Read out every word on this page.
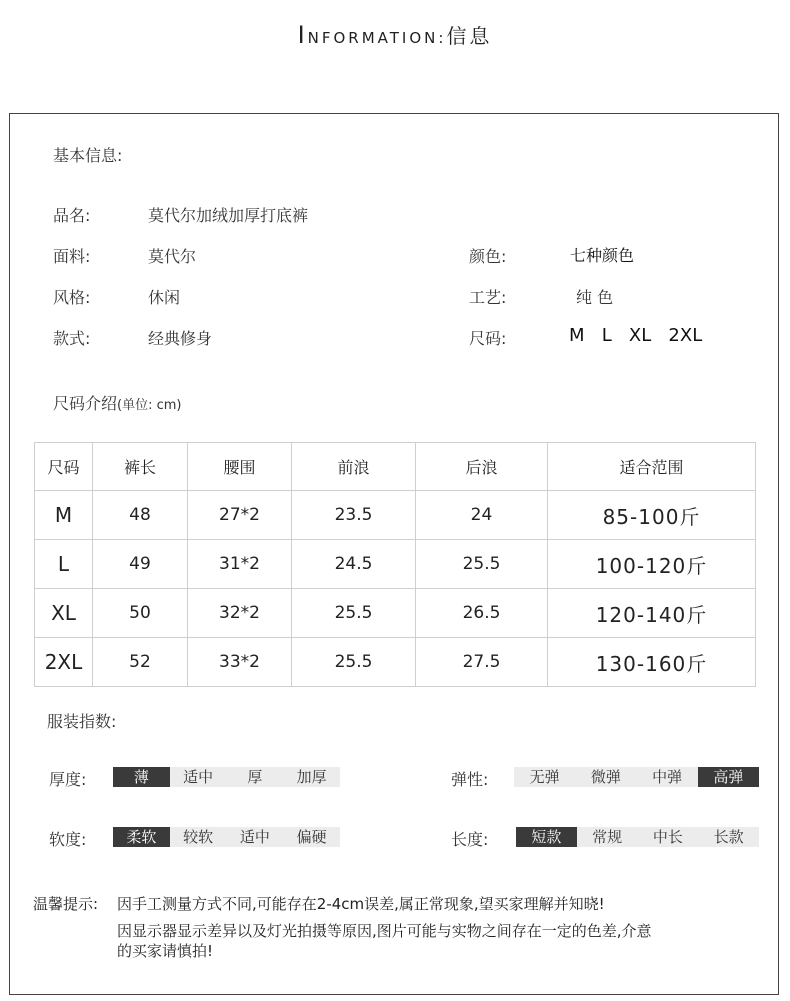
INFORMATION:信息
基本信息:
品名:	莫代尔加绒加厚打底裤
面料:	莫代尔
风格:	休闲
款式:	经典修身
颜色:	七种颜色
工艺:	纯 色
尺码:	M   L   XL   2XL
尺码介绍(单位: cm)
尺码	裤长	腰围	前浪	后浪	适合范围
M	48	27*2	23.5	24	85-100斤
L	49	31*2	24.5	25.5	100-120斤
XL	50	32*2	25.5	26.5	120-140斤
2XL	52	33*2	25.5	27.5	130-160斤
服装指数:
厚度:	薄	适中	厚	加厚	弹性:	无弹	微弹	中弹	高弹
软度:	柔软	较软	适中	偏硬	长度:	短款	常规	中长	长款
温馨提示: 因手工测量方式不同,可能存在2-4cm误差,属正常现象,望买家理解并知晓!
因显示器显示差异以及灯光拍摄等原因,图片可能与实物之间存在一定的色差,介意
的买家请慎拍!
